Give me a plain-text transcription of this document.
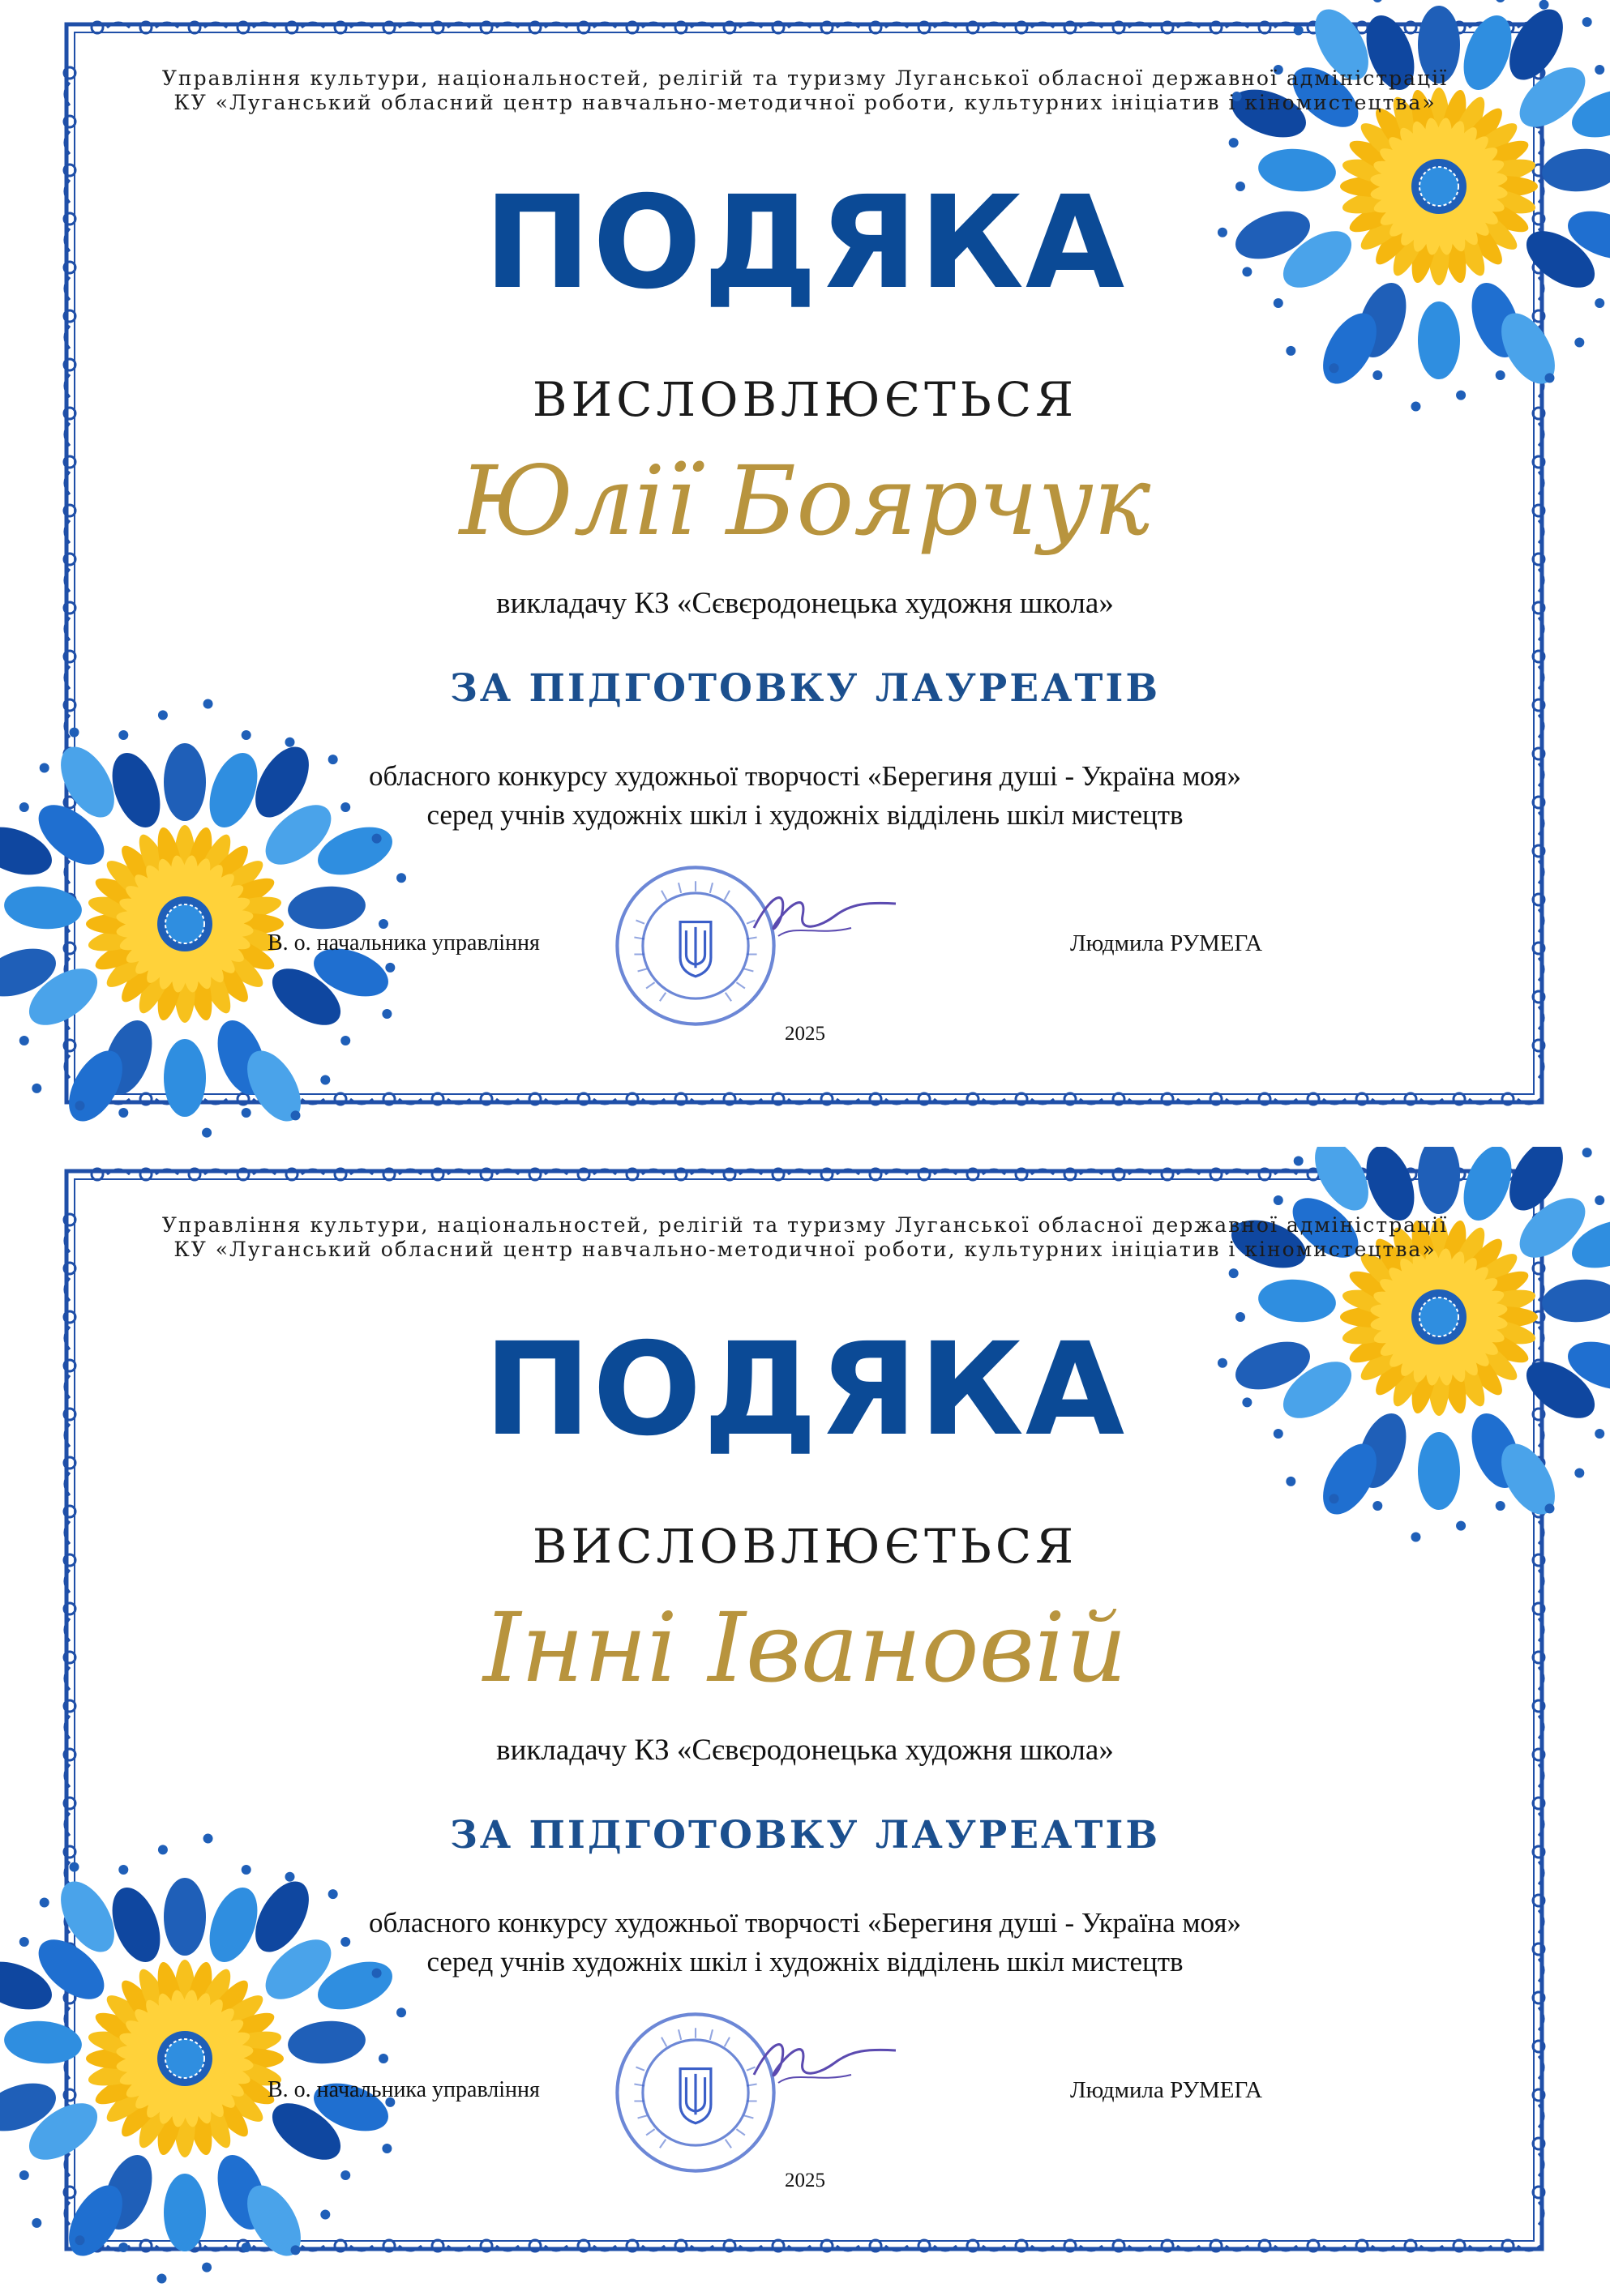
Управління культури, національностей, релігій та туризму Луганської обласної державної адміністрації
КУ «Луганський обласний центр навчально-методичної роботи, культурних ініціатив і кіномистецтва»
ПОДЯКА
ВИСЛОВЛЮЄТЬСЯ
Юлії Боярчук
викладачу КЗ «Сєвєродонецька художня школа»
ЗА ПІДГОТОВКУ ЛАУРЕАТІВ
обласного конкурсу художньої творчості «Берегиня душі - Україна моя»
серед учнів художніх шкіл і художніх відділень шкіл мистецтв
В. о. начальника управління	Людмила РУМЕГА
2025
Управління культури, національностей, релігій та туризму Луганської обласної державної адміністрації
КУ «Луганський обласний центр навчально-методичної роботи, культурних ініціатив і кіномистецтва»
ПОДЯКА
ВИСЛОВЛЮЄТЬСЯ
Інні Івановій
викладачу КЗ «Сєвєродонецька художня школа»
ЗА ПІДГОТОВКУ ЛАУРЕАТІВ
обласного конкурсу художньої творчості «Берегиня душі - Україна моя»
серед учнів художніх шкіл і художніх відділень шкіл мистецтв
В. о. начальника управління	Людмила РУМЕГА
2025
